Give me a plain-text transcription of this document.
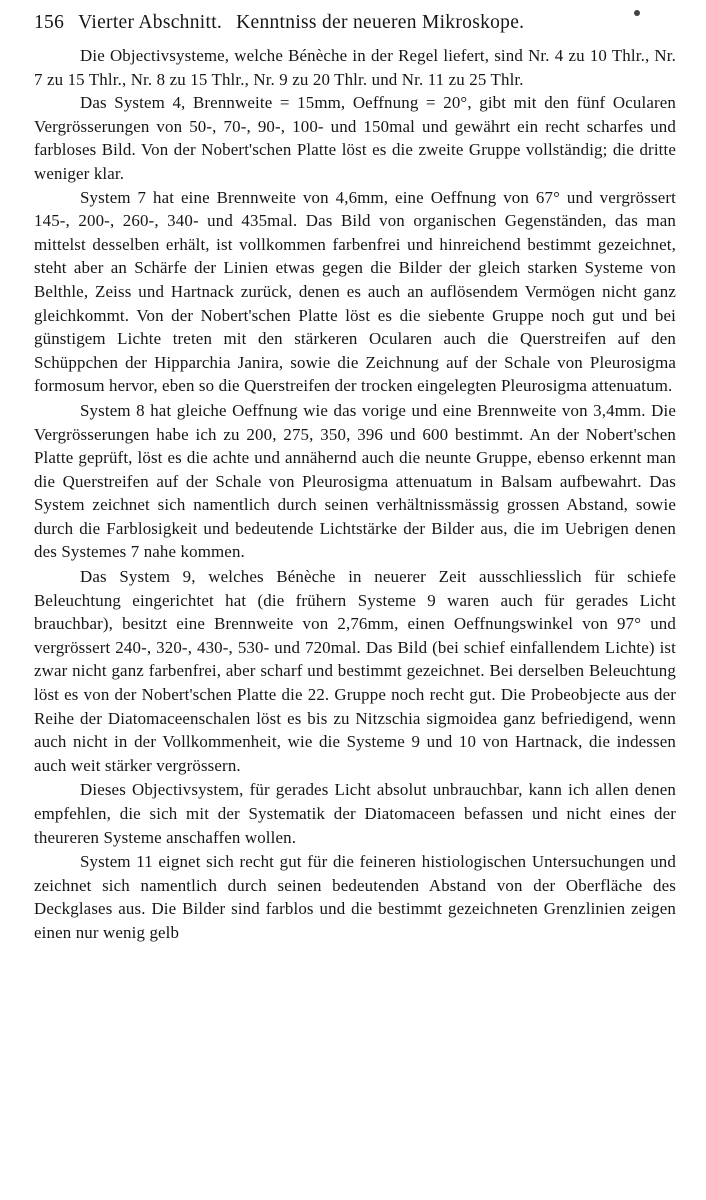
156 Vierter Abschnitt. Kenntniss der neueren Mikroskope.

Die Objectivsysteme, welche Bénèche in der Regel liefert, sind Nr. 4 zu 10 Thlr., Nr. 7 zu 15 Thlr., Nr. 8 zu 15 Thlr., Nr. 9 zu 20 Thlr. und Nr. 11 zu 25 Thlr.

Das System 4, Brennweite = 15mm, Oeffnung = 20°, gibt mit den fünf Ocularen Vergrösserungen von 50-, 70-, 90-, 100- und 150mal und gewährt ein recht scharfes und farbloses Bild. Von der Nobert'schen Platte löst es die zweite Gruppe vollständig; die dritte weniger klar.

System 7 hat eine Brennweite von 4,6mm, eine Oeffnung von 67° und vergrössert 145-, 200-, 260-, 340- und 435mal. Das Bild von organischen Gegenständen, das man mittelst desselben erhält, ist vollkommen farbenfrei und hinreichend bestimmt gezeichnet, steht aber an Schärfe der Linien etwas gegen die Bilder der gleich starken Systeme von Belthle, Zeiss und Hartnack zurück, denen es auch an auflösendem Vermögen nicht ganz gleichkommt. Von der Nobert'schen Platte löst es die siebente Gruppe noch gut und bei günstigem Lichte treten mit den stärkeren Ocularen auch die Querstreifen auf den Schüppchen der Hipparchia Janira, sowie die Zeichnung auf der Schale von Pleurosigma formosum hervor, eben so die Querstreifen der trocken eingelegten Pleurosigma attenuatum.

System 8 hat gleiche Oeffnung wie das vorige und eine Brennweite von 3,4mm. Die Vergrösserungen habe ich zu 200, 275, 350, 396 und 600 bestimmt. An der Nobert'schen Platte geprüft, löst es die achte und annähernd auch die neunte Gruppe, ebenso erkennt man die Querstreifen auf der Schale von Pleurosigma attenuatum in Balsam aufbewahrt. Das System zeichnet sich namentlich durch seinen verhältnissmässig grossen Abstand, sowie durch die Farblosigkeit und bedeutende Lichtstärke der Bilder aus, die im Uebrigen denen des Systemes 7 nahe kommen.

Das System 9, welches Bénèche in neuerer Zeit ausschliesslich für schiefe Beleuchtung eingerichtet hat (die frühern Systeme 9 waren auch für gerades Licht brauchbar), besitzt eine Brennweite von 2,76mm, einen Oeffnungswinkel von 97° und vergrössert 240-, 320-, 430-, 530- und 720mal. Das Bild (bei schief einfallendem Lichte) ist zwar nicht ganz farbenfrei, aber scharf und bestimmt gezeichnet. Bei derselben Beleuchtung löst es von der Nobert'schen Platte die 22. Gruppe noch recht gut. Die Probeobjecte aus der Reihe der Diatomaceenschalen löst es bis zu Nitzschia sigmoidea ganz befriedigend, wenn auch nicht in der Vollkommenheit, wie die Systeme 9 und 10 von Hartnack, die indessen auch weit stärker vergrössern.

Dieses Objectivsystem, für gerades Licht absolut unbrauchbar, kann ich allen denen empfehlen, die sich mit der Systematik der Diatomaceen befassen und nicht eines der theureren Systeme anschaffen wollen.

System 11 eignet sich recht gut für die feineren histiologischen Untersuchungen und zeichnet sich namentlich durch seinen bedeutenden Abstand von der Oberfläche des Deckglases aus. Die Bilder sind farblos und die bestimmt gezeichneten Grenzlinien zeigen einen nur wenig gelb
